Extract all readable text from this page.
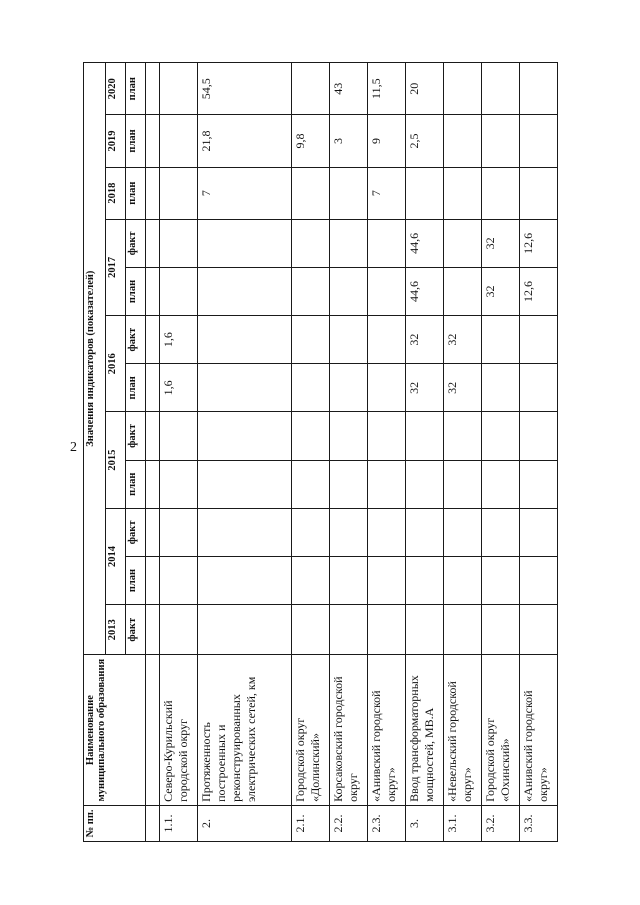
2
№ пп.	Наименование муниципального образования	Значения индикаторов (показателей)											
		2013	2014		2015		2016		2017		2018	2019	2020
		факт	план	факт	план	факт	план	факт	план	факт	план	план	план

1.1.	Северо-Курильский городской округ						1,6	1,6					
2.	Протяженность построенных и реконструированных электрических сетей, км										7	21,8	54,5
2.1.	Городской округ «Долинский»											9,8	
2.2.	Корсаковский городской округ											3	43
2.3.	«Анивский городской округ»										7	9	11,5
3.	Ввод трансформаторных мощностей, МВ.А						32	32	44,6	44,6		2,5	20
3.1.	«Невельский городской округ»						32	32					
3.2.	Городской округ «Охинский»								32	32			
3.3.	«Анивский городской округ»								12,6	12,6			
